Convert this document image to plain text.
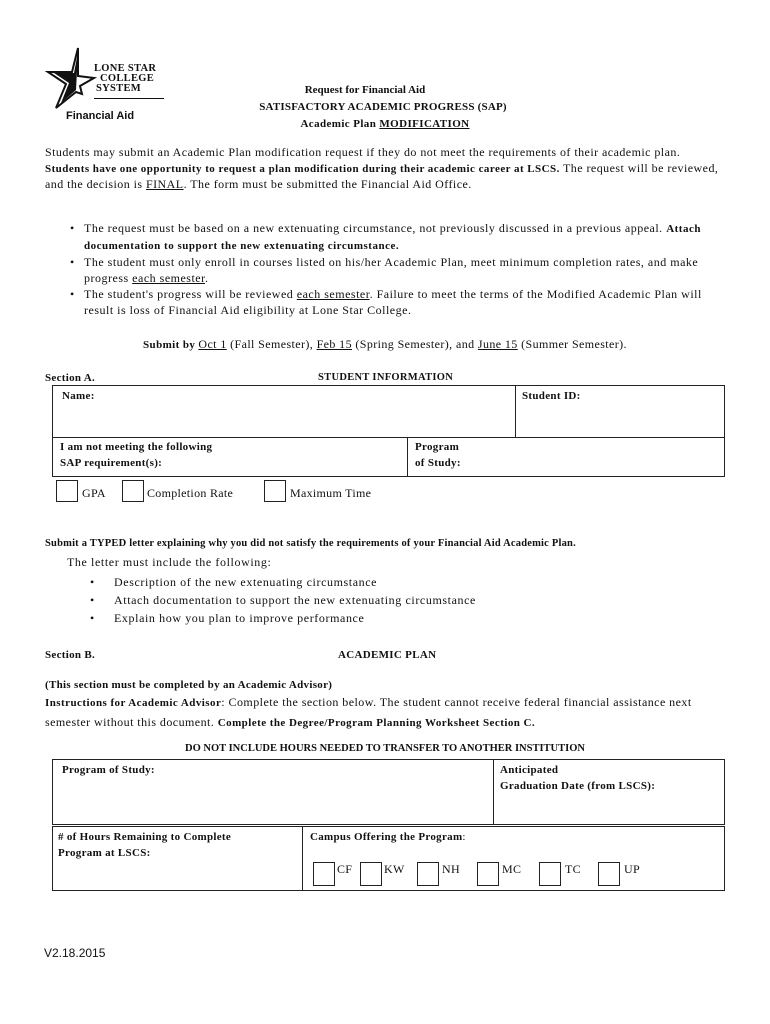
LONE STAR
COLLEGE
SYSTEM
Financial Aid
Request for Financial Aid
SATISFACTORY ACADEMIC PROGRESS (SAP)
Academic Plan MODIFICATION
Students may submit an Academic Plan modification request if they do not meet the requirements of their academic plan. Students have one opportunity to request a plan modification during their academic career at LSCS. The request will be reviewed, and the decision is FINAL. The form must be submitted the Financial Aid Office.
• The request must be based on a new extenuating circumstance, not previously discussed in a previous appeal. Attach documentation to support the new extenuating circumstance.
• The student must only enroll in courses listed on his/her Academic Plan, meet minimum completion rates, and make progress each semester.
• The student's progress will be reviewed each semester. Failure to meet the terms of the Modified Academic Plan will result is loss of Financial Aid eligibility at Lone Star College.
Submit by Oct 1 (Fall Semester), Feb 15 (Spring Semester), and June 15 (Summer Semester).
Section A.	STUDENT INFORMATION
Name:	Student ID:
I am not meeting the following
SAP requirement(s):
Program
of Study:
GPA	Completion Rate	Maximum Time
Submit a TYPED letter explaining why you did not satisfy the requirements of your Financial Aid Academic Plan.
The letter must include the following:
• Description of the new extenuating circumstance
• Attach documentation to support the new extenuating circumstance
• Explain how you plan to improve performance
Section B.	ACADEMIC PLAN
(This section must be completed by an Academic Advisor)
Instructions for Academic Advisor: Complete the section below. The student cannot receive federal financial assistance next semester without this document. Complete the Degree/Program Planning Worksheet Section C.
DO NOT INCLUDE HOURS NEEDED TO TRANSFER TO ANOTHER INSTITUTION
Program of Study:	Anticipated
Graduation Date (from LSCS):
# of Hours Remaining to Complete
Program at LSCS:
Campus Offering the Program:
CF	KW	NH	MC	TC	UP
V2.18.2015
